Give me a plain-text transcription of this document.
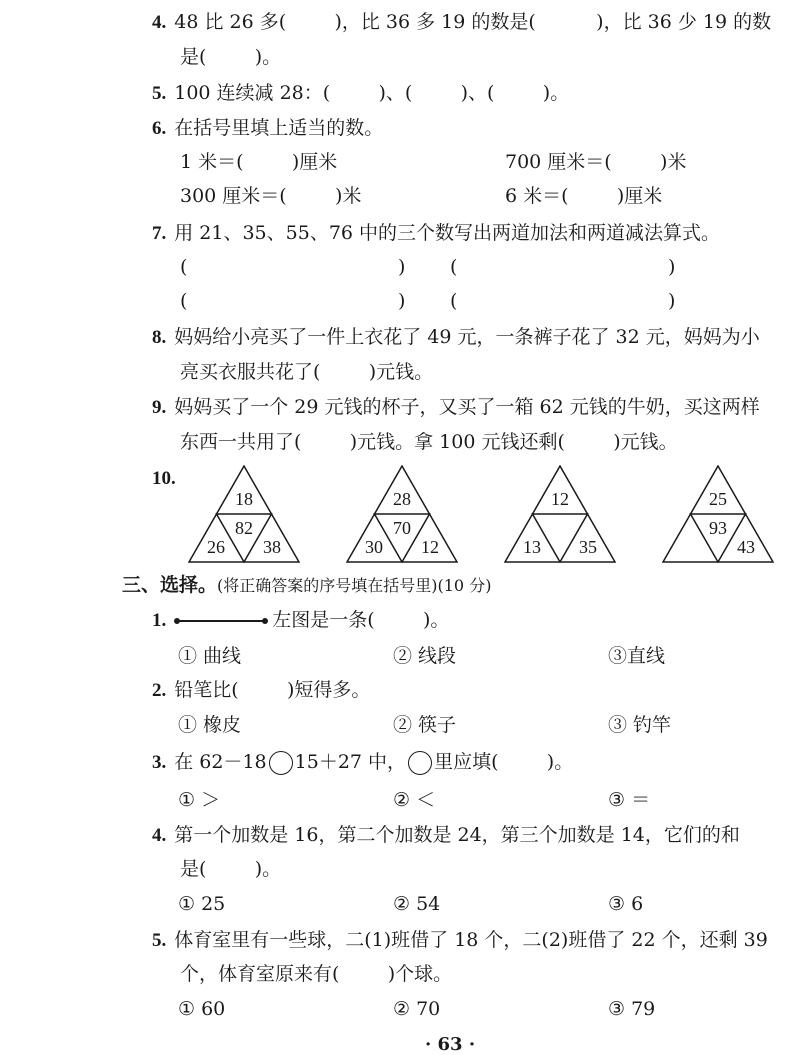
4. 48 比 26 多(        )，比 36 多 19 的数是(          )，比 36 少 19 的数
是(        )。
5. 100 连续减 28：(        )、(        )、(        )。
6. 在括号里填上适当的数。
1 米＝(        )厘米	700 厘米＝(        )米
300 厘米＝(        )米	6 米＝(        )厘米
7. 用 21、35、55、76 中的三个数写出两道加法和两道减法算式。
(	) (	)
(	) (	)
8. 妈妈给小亮买了一件上衣花了 49 元，一条裤子花了 32 元，妈妈为小
亮买衣服共花了(        )元钱。
9. 妈妈买了一个 29 元钱的杯子，又买了一箱 62 元钱的牛奶，买这两样
东西一共用了(        )元钱。拿 100 元钱还剩(        )元钱。
10.
18
82
26 38
28
70
30 12
12
13 35
25
93
43
三、选择。(将正确答案的序号填在括号里)(10 分)
1.	左图是一条(        )。
① 曲线	② 线段	③直线
2. 铅笔比(        )短得多。
① 橡皮	② 筷子	③ 钓竿
3. 在 62－18 15＋27 中， 里应填(        )。
① ＞	② ＜	③ ＝
4. 第一个加数是 16，第二个加数是 24，第三个加数是 14，它们的和
是(        )。
① 25	② 54	③ 6
5. 体育室里有一些球，二(1)班借了 18 个，二(2)班借了 22 个，还剩 39
个，体育室原来有(        )个球。
① 60	② 70	③ 79
· 63 ·
